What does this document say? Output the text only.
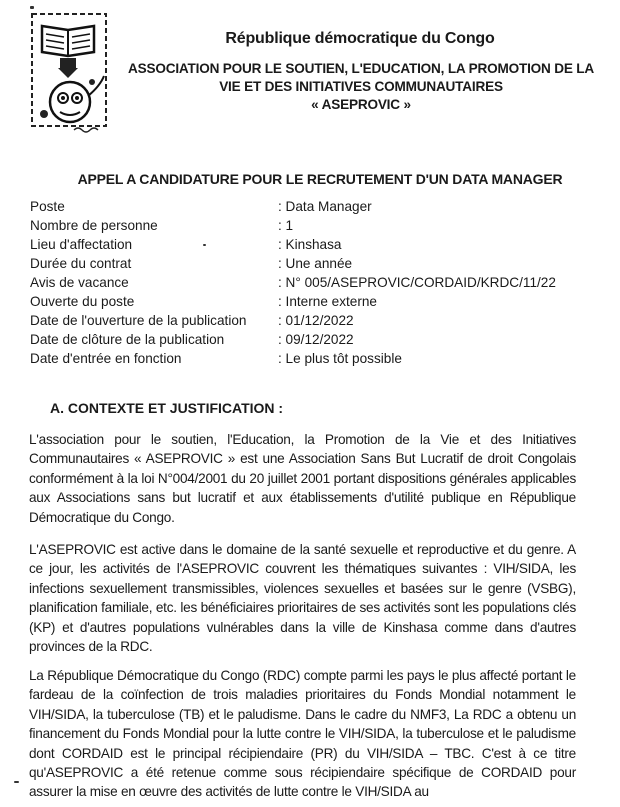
République démocratique du Congo
ASSOCIATION POUR LE SOUTIEN, L'EDUCATION, LA PROMOTION DE LA
VIE ET DES INITIATIVES COMMUNAUTAIRES
« ASEPROVIC »
APPEL A CANDIDATURE POUR LE RECRUTEMENT D'UN DATA MANAGER
Poste	: Data Manager
Nombre de personne	: 1
Lieu d'affectation	: Kinshasa
Durée du contrat	: Une année
Avis de vacance	: N° 005/ASEPROVIC/CORDAID/KRDC/11/22
Ouverte du poste	: Interne externe
Date de l'ouverture de la publication : 01/12/2022
Date de clôture de la publication	: 09/12/2022
Date d'entrée en fonction	: Le plus tôt possible
A. CONTEXTE ET JUSTIFICATION :

L'association pour le soutien, l'Education, la Promotion de la Vie et des Initiatives Communautaires « ASEPROVIC » est une Association Sans But Lucratif de droit Congolais conformément à la loi N°004/2001 du 20 juillet 2001 portant dispositions générales applicables aux Associations sans but lucratif et aux établissements d'utilité publique en République Démocratique du Congo.

L'ASEPROVIC est active dans le domaine de la santé sexuelle et reproductive et du genre. A ce jour, les activités de l'ASEPROVIC couvrent les thématiques suivantes : VIH/SIDA, les infections sexuellement transmissibles, violences sexuelles et basées sur le genre (VSBG), planification familiale, etc. les bénéficiaires prioritaires de ses activités sont les populations clés (KP) et d'autres populations vulnérables dans la ville de Kinshasa comme dans d'autres provinces de la RDC.

La République Démocratique du Congo (RDC) compte parmi les pays le plus affecté portant le fardeau de la coïnfection de trois maladies prioritaires du Fonds Mondial notamment le VIH/SIDA, la tuberculose (TB) et le paludisme. Dans le cadre du NMF3, La RDC a obtenu un financement du Fonds Mondial pour la lutte contre le VIH/SIDA, la tuberculose et le paludisme dont CORDAID est le principal récipiendaire (PR) du VIH/SIDA – TBC. C'est à ce titre qu'ASEPROVIC a été retenue comme sous récipiendaire spécifique de CORDAID pour assurer la mise en œuvre des activités de lutte contre le VIH/SIDA au
